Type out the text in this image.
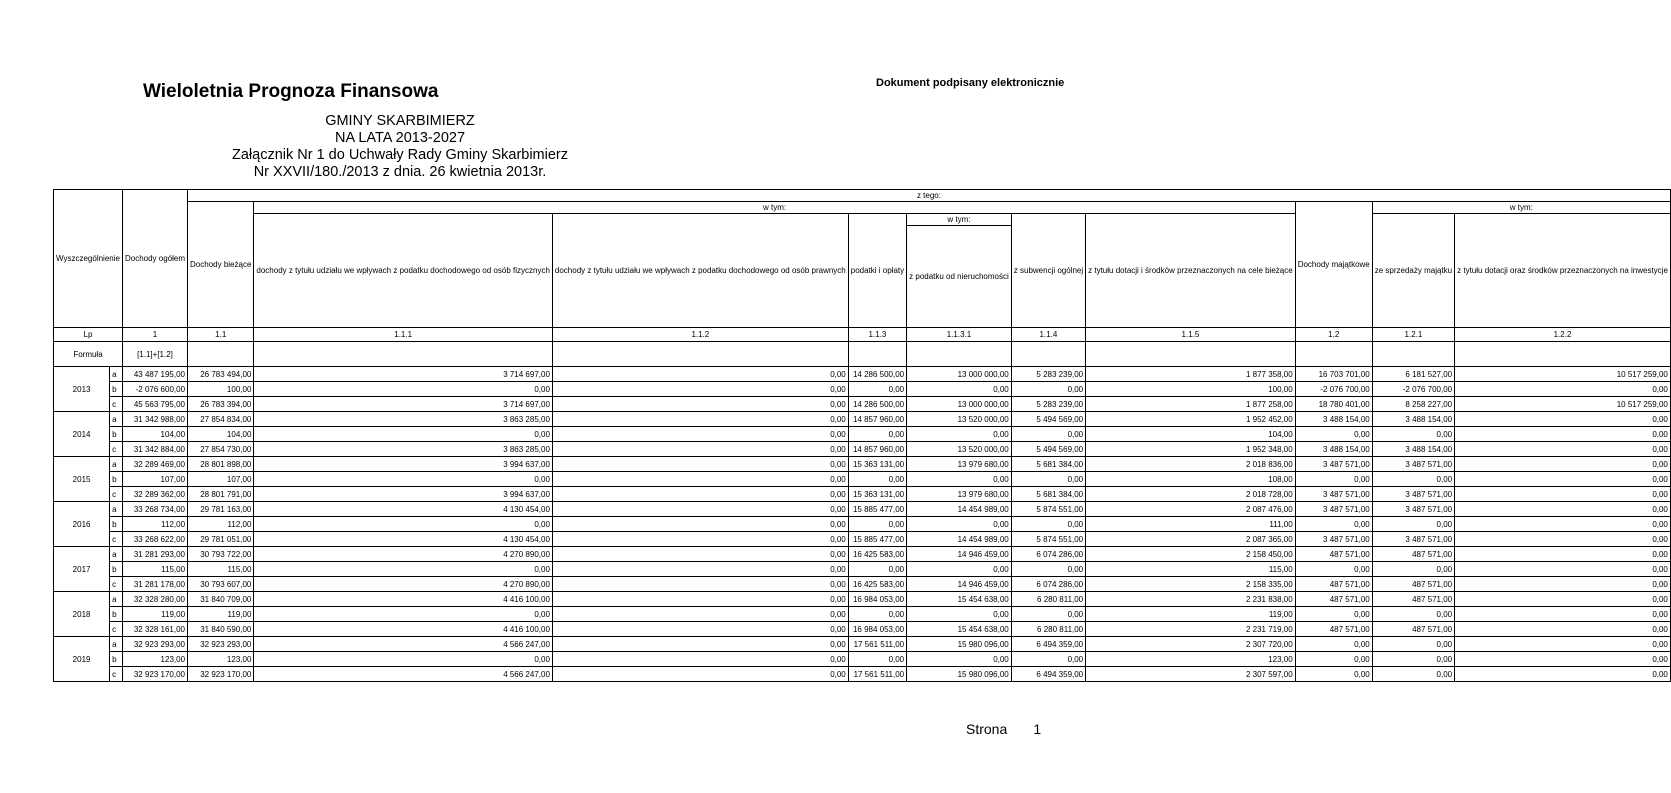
Wieloletnia Prognoza Finansowa	Dokument podpisany elektronicznie
GMINY SKARBIMIERZ
NA LATA 2013-2027
Załącznik Nr 1 do Uchwały Rady Gminy Skarbimierz
Nr XXVII/180./2013 z dnia. 26 kwietnia 2013r.
Wyszczególnienie		Dochody ogółem	z tego:									
			Dochody bieżące	w tym:						Dochody majątkowe	w tym:	
				dochody z tytułu udziału we wpływach z podatku dochodowego od osób fizycznych	dochody z tytułu udziału we wpływach z podatku dochodowego od osób prawnych	podatki i opłaty	w tym:	z subwencji ogólnej	z tytułu dotacji i środków przeznaczonych na cele bieżące		ze sprzedaży majątku	z tytułu dotacji oraz środków przeznaczonych na inwestycje
							z podatku od nieruchomości					
Lp		1	1.1	1.1.1	1.1.2	1.1.3	1.1.3.1	1.1.4	1.1.5	1.2	1.2.1	1.2.2
Formuła		[1.1]+[1.2]										
2013	a	43 487 195,00	26 783 494,00	3 714 697,00	0,00	14 286 500,00	13 000 000,00	5 283 239,00	1 877 358,00	16 703 701,00	6 181 527,00	10 517 259,00
	b	-2 076 600,00	100,00	0,00	0,00	0,00	0,00	0,00	100,00	-2 076 700,00	-2 076 700,00	0,00
	c	45 563 795,00	26 783 394,00	3 714 697,00	0,00	14 286 500,00	13 000 000,00	5 283 239,00	1 877 258,00	18 780 401,00	8 258 227,00	10 517 259,00
2014	a	31 342 988,00	27 854 834,00	3 863 285,00	0,00	14 857 960,00	13 520 000,00	5 494 569,00	1 952 452,00	3 488 154,00	3 488 154,00	0,00
	b	104,00	104,00	0,00	0,00	0,00	0,00	0,00	104,00	0,00	0,00	0,00
	c	31 342 884,00	27 854 730,00	3 863 285,00	0,00	14 857 960,00	13 520 000,00	5 494 569,00	1 952 348,00	3 488 154,00	3 488 154,00	0,00
2015	a	32 289 469,00	28 801 898,00	3 994 637,00	0,00	15 363 131,00	13 979 680,00	5 681 384,00	2 018 836,00	3 487 571,00	3 487 571,00	0,00
	b	107,00	107,00	0,00	0,00	0,00	0,00	0,00	108,00	0,00	0,00	0,00
	c	32 289 362,00	28 801 791,00	3 994 637,00	0,00	15 363 131,00	13 979 680,00	5 681 384,00	2 018 728,00	3 487 571,00	3 487 571,00	0,00
2016	a	33 268 734,00	29 781 163,00	4 130 454,00	0,00	15 885 477,00	14 454 989,00	5 874 551,00	2 087 476,00	3 487 571,00	3 487 571,00	0,00
	b	112,00	112,00	0,00	0,00	0,00	0,00	0,00	111,00	0,00	0,00	0,00
	c	33 268 622,00	29 781 051,00	4 130 454,00	0,00	15 885 477,00	14 454 989,00	5 874 551,00	2 087 365,00	3 487 571,00	3 487 571,00	0,00
2017	a	31 281 293,00	30 793 722,00	4 270 890,00	0,00	16 425 583,00	14 946 459,00	6 074 286,00	2 158 450,00	487 571,00	487 571,00	0,00
	b	115,00	115,00	0,00	0,00	0,00	0,00	0,00	115,00	0,00	0,00	0,00
	c	31 281 178,00	30 793 607,00	4 270 890,00	0,00	16 425 583,00	14 946 459,00	6 074 286,00	2 158 335,00	487 571,00	487 571,00	0,00
2018	a	32 328 280,00	31 840 709,00	4 416 100,00	0,00	16 984 053,00	15 454 638,00	6 280 811,00	2 231 838,00	487 571,00	487 571,00	0,00
	b	119,00	119,00	0,00	0,00	0,00	0,00	0,00	119,00	0,00	0,00	0,00
	c	32 328 161,00	31 840 590,00	4 416 100,00	0,00	16 984 053,00	15 454 638,00	6 280 811,00	2 231 719,00	487 571,00	487 571,00	0,00
2019	a	32 923 293,00	32 923 293,00	4 566 247,00	0,00	17 561 511,00	15 980 096,00	6 494 359,00	2 307 720,00	0,00	0,00	0,00
	b	123,00	123,00	0,00	0,00	0,00	0,00	0,00	123,00	0,00	0,00	0,00
	c	32 923 170,00	32 923 170,00	4 566 247,00	0,00	17 561 511,00	15 980 096,00	6 494 359,00	2 307 597,00	0,00	0,00	0,00
Strona 1
